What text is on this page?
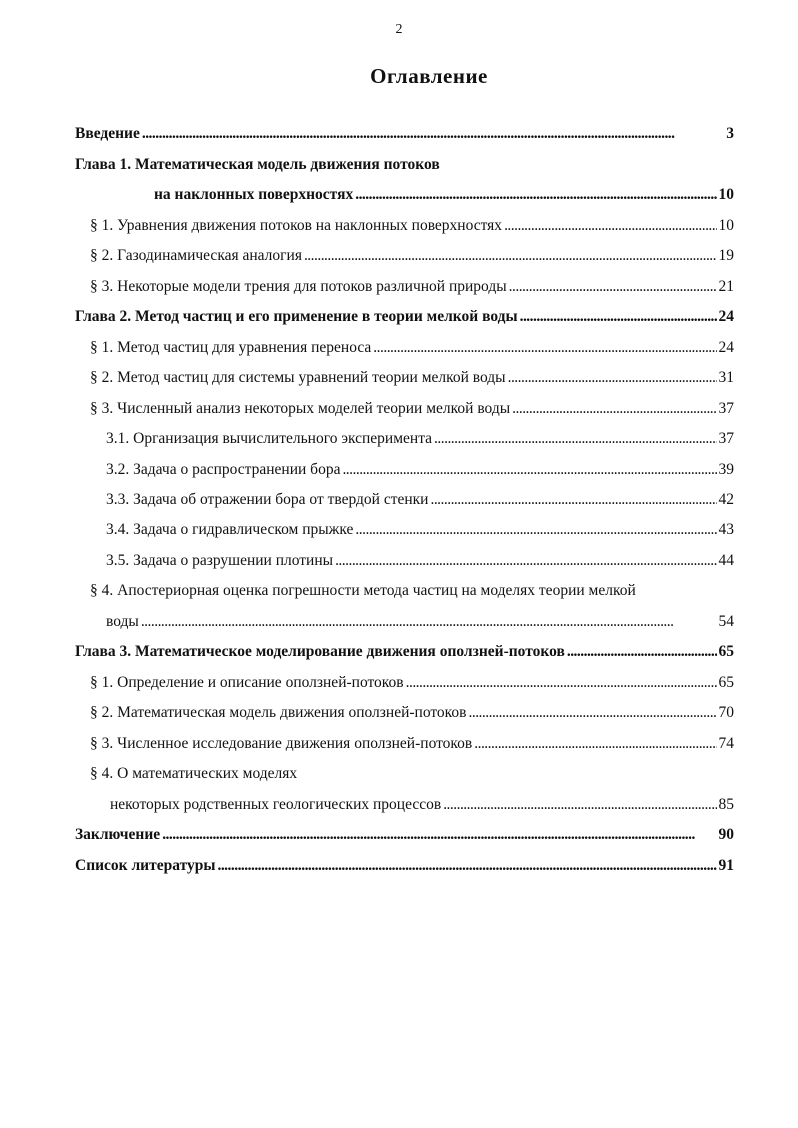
2
Оглавление
Введение . . .	3
Глава 1. Математическая модель движения потоков
на наклонных поверхностях . . .	10
§ 1. Уравнения движения потоков на наклонных поверхностях . . .	10
§ 2. Газодинамическая аналогия . . .	19
§ 3. Некоторые модели трения для потоков различной природы . . .	21
Глава 2. Метод частиц и его применение в теории мелкой воды . . .	24
§ 1. Метод частиц для уравнения переноса . . .	24
§ 2. Метод частиц для системы уравнений теории мелкой воды . . .	31
§ 3. Численный анализ некоторых моделей теории мелкой воды . . .	37
3.1. Организация вычислительного эксперимента . . .	37
3.2. Задача о распространении бора . . .	39
3.3. Задача об отражении бора от твердой стенки . . .	42
3.4. Задача о гидравлическом прыжке . . .	43
3.5. Задача о разрушении плотины . . .	44
§ 4. Апостериорная оценка погрешности метода частиц на моделях теории мелкой
воды . . .	54
Глава 3. Математическое моделирование движения оползней-потоков . . .	65
§ 1. Определение и описание оползней-потоков . . .	65
§ 2. Математическая модель движения оползней-потоков . . .	70
§ 3. Численное исследование движения оползней-потоков . . .	74
§ 4. О математических моделях
некоторых родственных геологических процессов . . .	85
Заключение . . .	90
Список литературы . . .	91
